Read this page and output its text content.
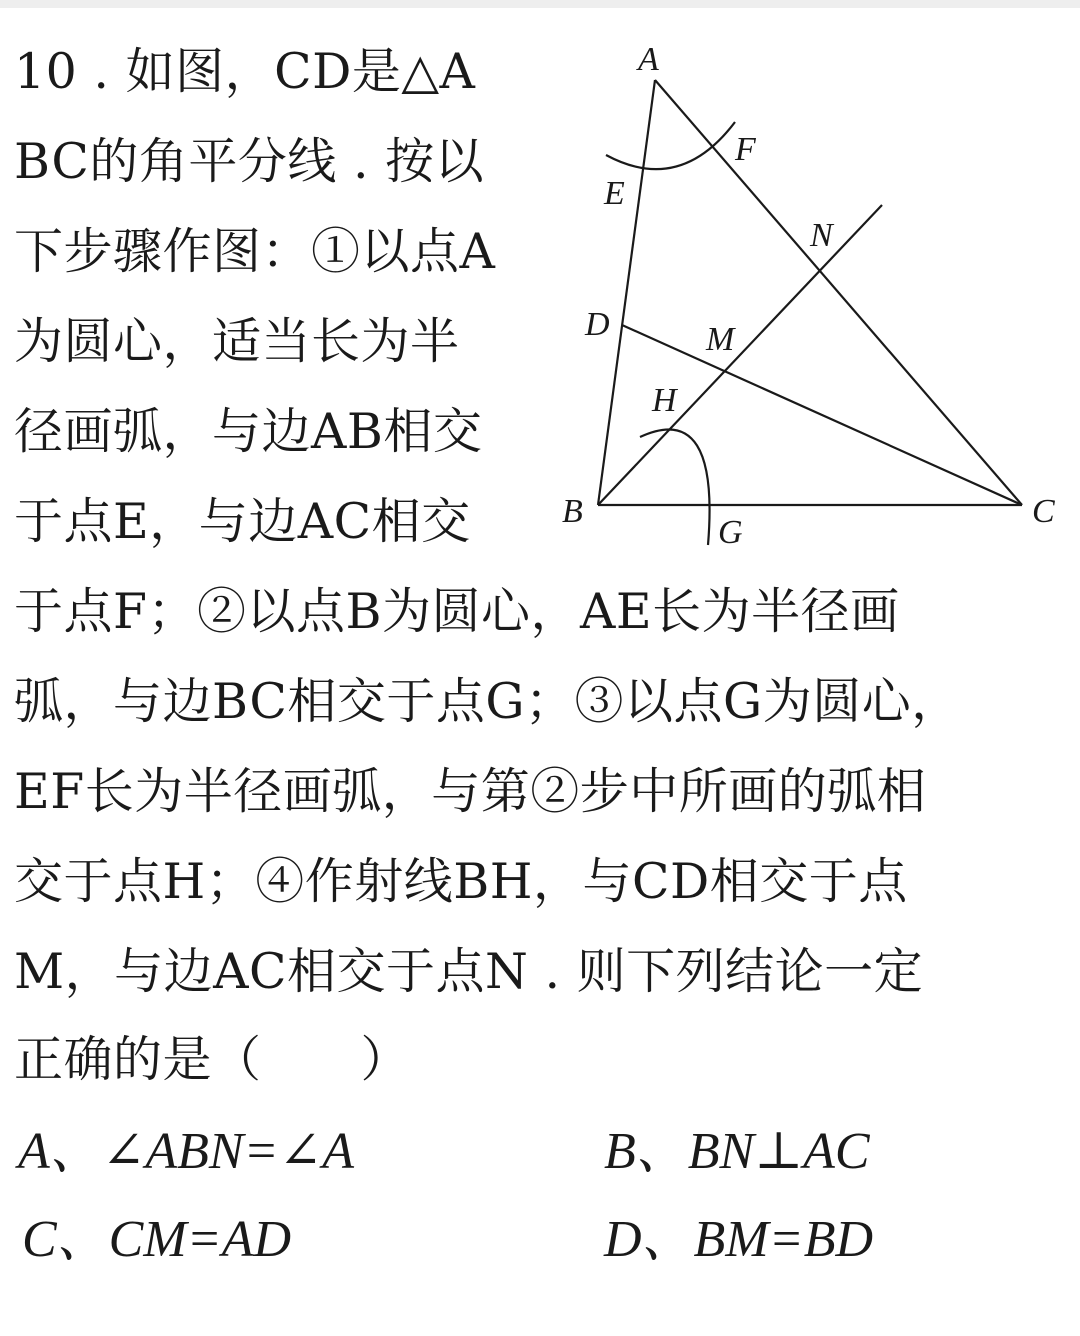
10 . 如图，CD是△A
BC的角平分线 . 按以
下步骤作图：①以点A
为圆心，适当长为半
径画弧，与边AB相交
于点E，与边AC相交
于点F；②以点B为圆心，AE长为半径画
弧，与边BC相交于点G；③以点G为圆心，
EF长为半径画弧，与第②步中所画的弧相
交于点H；④作射线BH，与CD相交于点
M，与边AC相交于点N . 则下列结论一定
正确的是（　　）
A、∠ABN=∠A	B、BN⊥AC
C、CM=AD	D、BM=BD
A
F
E
N
D	M
H
B
G
C
